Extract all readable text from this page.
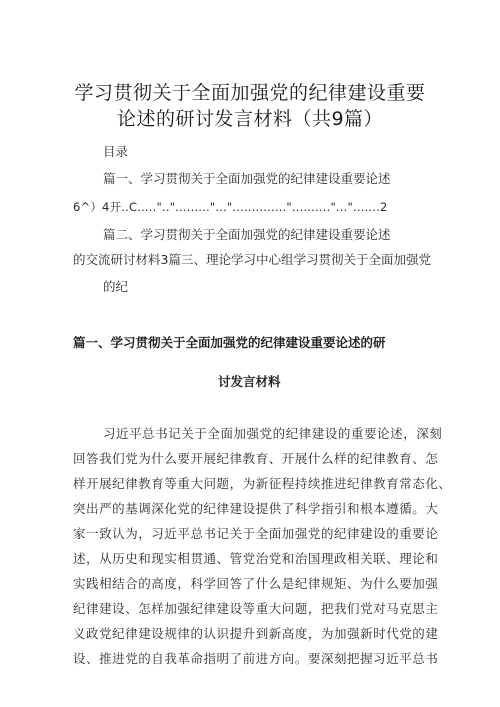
学习贯彻关于全面加强党的纪律建设重要
论述的研讨发言材料（共9篇）
目录
篇一、学习贯彻关于全面加强党的纪律建设重要论述
6^）4开..C.....".."........."..."..............".........."...".......2
篇二、学习贯彻关于全面加强党的纪律建设重要论述
的交流研讨材料3篇三、理论学习中心组学习贯彻关于全面加强党
的纪
篇一、学习贯彻关于全面加强党的纪律建设重要论述的研
讨发言材料
习近平总书记关于全面加强党的纪律建设的重要论述，深刻
回答我们党为什么要开展纪律教育、开展什么样的纪律教育、怎
样开展纪律教育等重大问题，为新征程持续推进纪律教育常态化、
突出严的基调深化党的纪律建设提供了科学指引和根本遵循。大
家一致认为，习近平总书记关于全面加强党的纪律建设的重要论
述，从历史和现实相贯通、管党治党和治国理政相关联、理论和
实践相结合的高度，科学回答了什么是纪律规矩、为什么要加强
纪律建设、怎样加强纪律建设等重大问题，把我们党对马克思主
义政党纪律建设规律的认识提升到新高度，为加强新时代党的建
设、推进党的自我革命指明了前进方向。要深刻把握习近平总书
